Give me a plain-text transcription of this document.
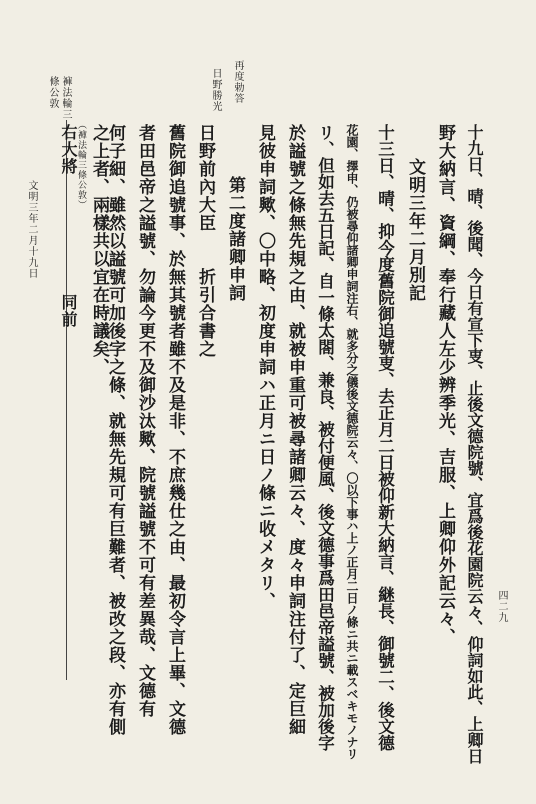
四二九
文明三年二月十九日
褲法輪三
條公敦	再度勅答
日野勝光
十九日、晴、後聞、今日有宣下叓、止後文德院號、宜爲後花園院云々、仰詞如此、上卿日
野大納言、資綱、奉行藏人左少辨季光、吉服、上卿仰外記云々、
文明三年二月別記
十三日、晴、抑今度舊院御追號叓、去正月二日被仰新大納言、継長、御號二、後文德
花園、擇申、仍被尋仰諸卿申詞注右、就多分之儀後文德院云々、〇以下事ハ上ノ正月二日ノ條ニ共ニ載スベキモノナリ
リ、但如去五日記、自一條太閤、兼良、被付便風、後文德事爲田邑帝謚號、被加後字
於謚號之條無先規之由、就被申重可被尋諸卿云々、度々申詞注付了、定巨細
見彼申詞歟、〇中略、初度申詞ハ正月ニ日ノ條ニ收メタリ、
第二度諸卿申詞
日野前內大臣　　折引合書之
舊院御追號事、於無其號者雖不及是非、不庶幾仕之由、最初令言上畢、文德
者田邑帝之謚號、勿論今更不及御沙汰歟、院號謚號不可有差異哉、文德有
何子細、雖然以謚號可加後字之條、就無先規可有巨難者、被改之段、亦有側
之上者、兩樣共以宜在時議矣、
右大將　　　　　　　同前
（褲法輪三條公敦）
